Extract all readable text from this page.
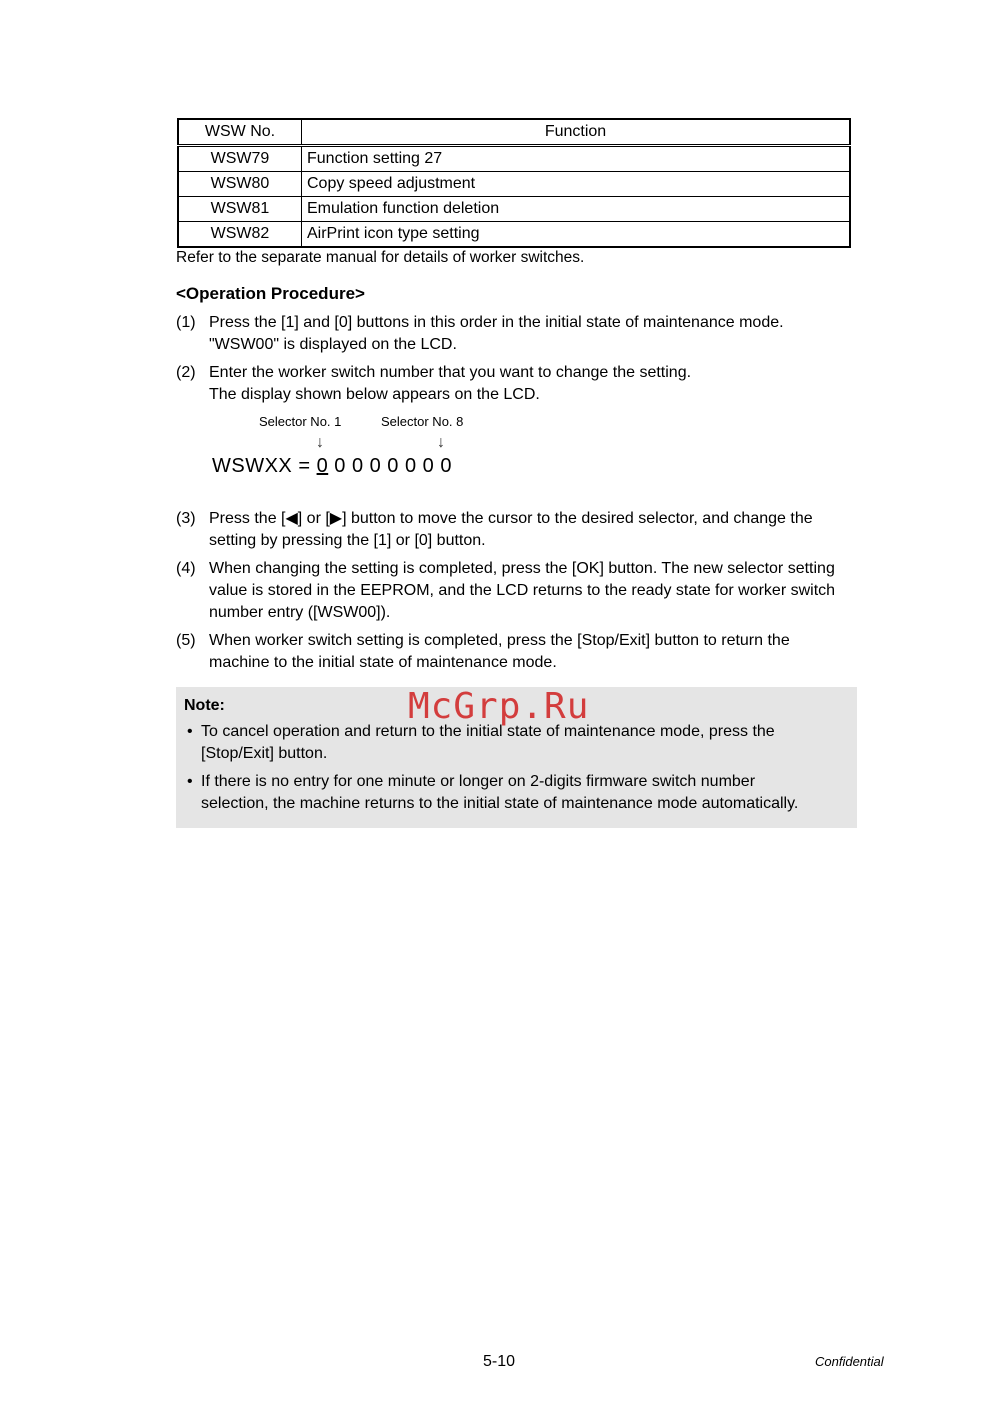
WSW No.	Function
WSW79	Function setting 27
WSW80	Copy speed adjustment
WSW81	Emulation function deletion
WSW82	AirPrint icon type setting
Refer to the separate manual for details of worker switches.
<Operation Procedure>
(1) Press the [1] and [0] buttons in this order in the initial state of maintenance mode.
"WSW00" is displayed on the LCD.
(2) Enter the worker switch number that you want to change the setting.
The display shown below appears on the LCD.
Selector No. 1	Selector No. 8
↓	↓
WSWXX = 0 0 0 0 0 0 0 0
(3) Press the [◀] or [▶] button to move the cursor to the desired selector, and change the
setting by pressing the [1] or [0] button.
(4) When changing the setting is completed, press the [OK] button. The new selector setting
value is stored in the EEPROM, and the LCD returns to the ready state for worker switch
number entry ([WSW00]).
(5) When worker switch setting is completed, press the [Stop/Exit] button to return the
machine to the initial state of maintenance mode.
Note:
• To cancel operation and return to the initial state of maintenance mode, press the
[Stop/Exit] button.
• If there is no entry for one minute or longer on 2-digits firmware switch number
selection, the machine returns to the initial state of maintenance mode automatically.
McGrp.Ru
5-10	Confidential
